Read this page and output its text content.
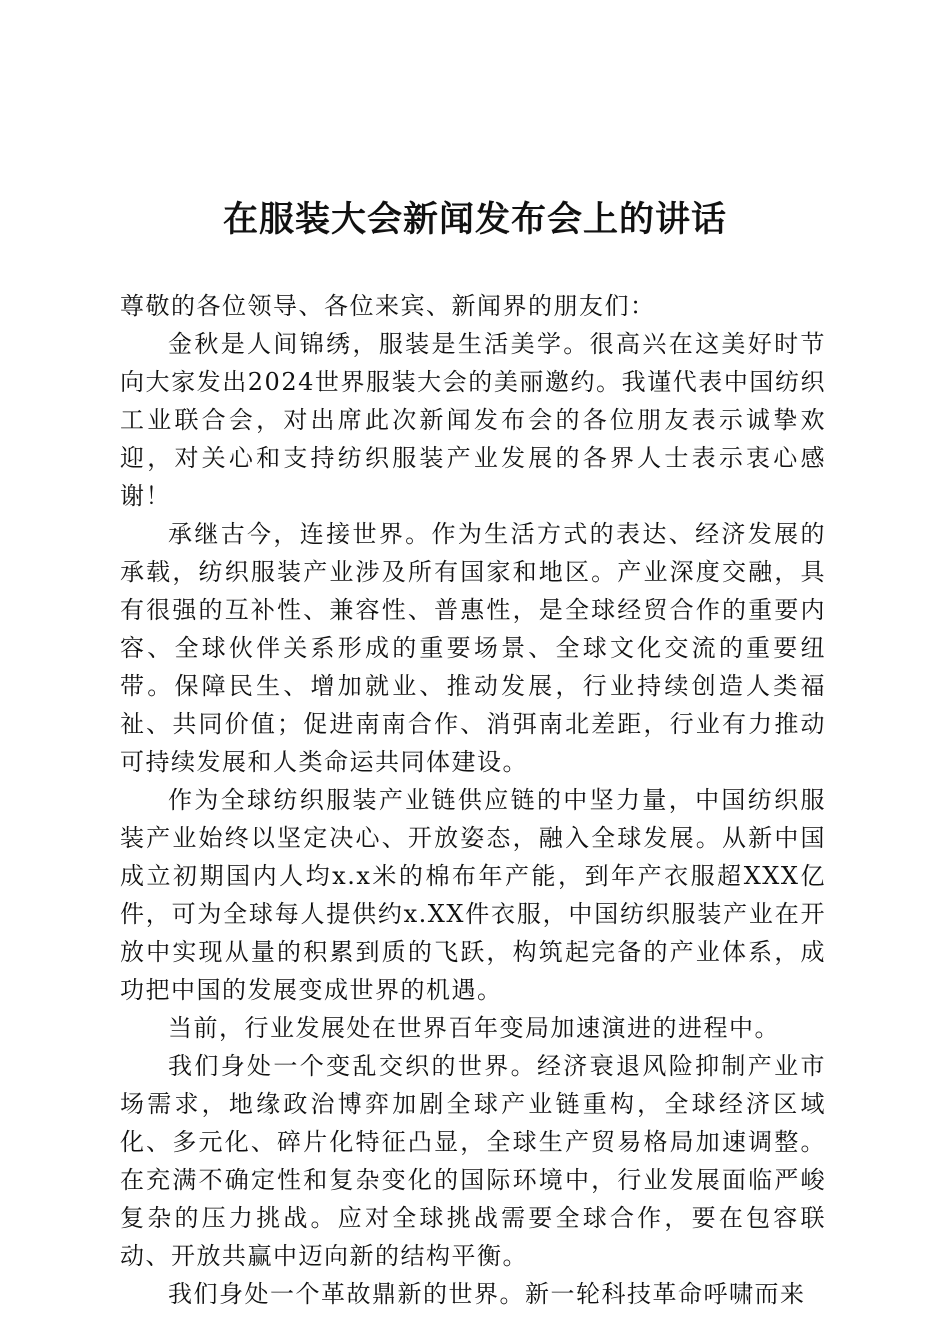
在服装大会新闻发布会上的讲话

尊敬的各位领导、各位来宾、新闻界的朋友们：

金秋是人间锦绣，服装是生活美学。很高兴在这美好时节向大家发出2024世界服装大会的美丽邀约。我谨代表中国纺织工业联合会，对出席此次新闻发布会的各位朋友表示诚挚欢迎，对关心和支持纺织服装产业发展的各界人士表示衷心感谢！

承继古今，连接世界。作为生活方式的表达、经济发展的承载，纺织服装产业涉及所有国家和地区。产业深度交融，具有很强的互补性、兼容性、普惠性，是全球经贸合作的重要内容、全球伙伴关系形成的重要场景、全球文化交流的重要纽带。保障民生、增加就业、推动发展，行业持续创造人类福祉、共同价值；促进南南合作、消弭南北差距，行业有力推动可持续发展和人类命运共同体建设。

作为全球纺织服装产业链供应链的中坚力量，中国纺织服装产业始终以坚定决心、开放姿态，融入全球发展。从新中国成立初期国内人均x.x米的棉布年产能，到年产衣服超XXX亿件，可为全球每人提供约x.XX件衣服，中国纺织服装产业在开放中实现从量的积累到质的飞跃，构筑起完备的产业体系，成功把中国的发展变成世界的机遇。

当前，行业发展处在世界百年变局加速演进的进程中。

我们身处一个变乱交织的世界。经济衰退风险抑制产业市场需求，地缘政治博弈加剧全球产业链重构，全球经济区域化、多元化、碎片化特征凸显，全球生产贸易格局加速调整。在充满不确定性和复杂变化的国际环境中，行业发展面临严峻复杂的压力挑战。应对全球挑战需要全球合作，要在包容联动、开放共赢中迈向新的结构平衡。

我们身处一个革故鼎新的世界。新一轮科技革命呼啸而来
